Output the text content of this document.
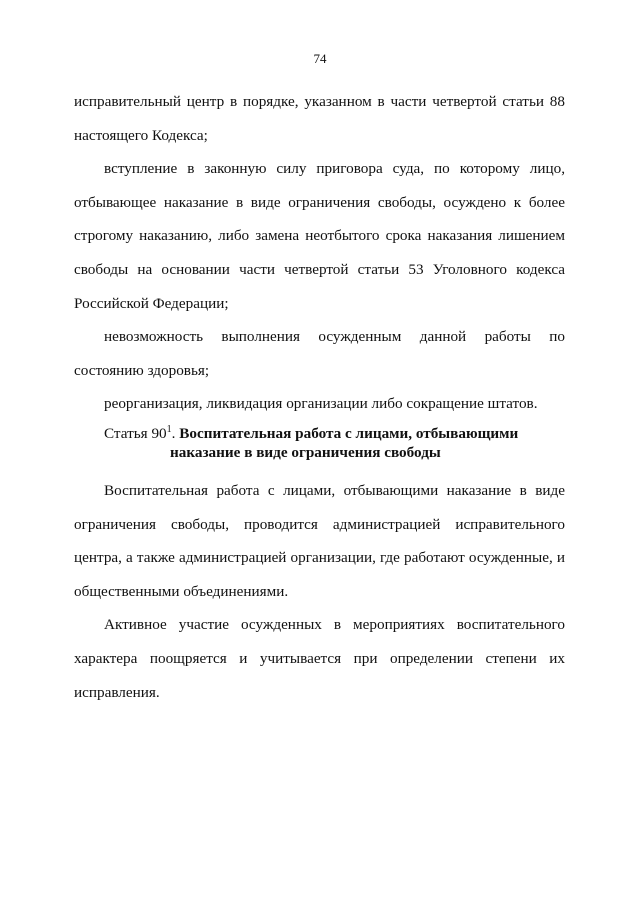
74

исправительный центр в порядке, указанном в части четвертой статьи 88 настоящего Кодекса;

вступление в законную силу приговора суда, по которому лицо, отбывающее наказание в виде ограничения свободы, осуждено к более строгому наказанию, либо замена неотбытого срока наказания лишением свободы на основании части четвертой статьи 53 Уголовного кодекса Российской Федерации;

невозможность выполнения осужденным данной работы по состоянию здоровья;

реорганизация, ликвидация организации либо сокращение штатов.

Статья $90^1$. Воспитательная работа с лицами, отбывающими
наказание в виде ограничения свободы

Воспитательная работа с лицами, отбывающими наказание в виде ограничения свободы, проводится администрацией исправительного центра, а также администрацией организации, где работают осужденные, и общественными объединениями.

Активное участие осужденных в мероприятиях воспитательного характера поощряется и учитывается при определении степени их исправления.
